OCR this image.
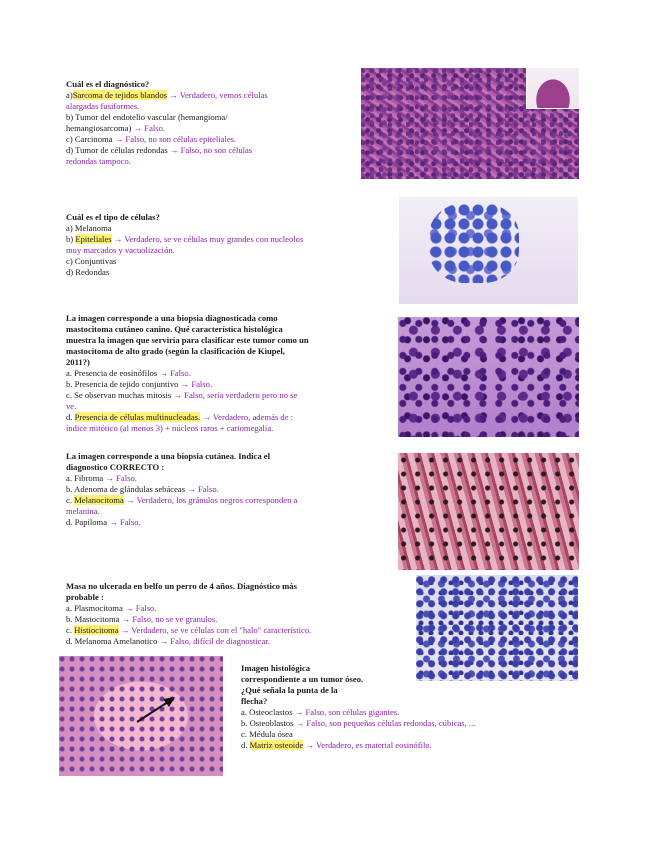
Cuál es el diagnóstico?
a)Sarcoma de tejidos blandos → Verdadero, vemos células
alargadas fusiformes.
b) Tumor del endotelio vascular (hemangioma/
hemangiosarcoma) → Falso.
c) Carcinoma → Falso, no son células epiteliales.
d) Tumor de células redondas → Falso, no son células
redondas tampoco.
Cuál es el tipo de células?
a) Melanoma
b) Epiteliales → Verdadero, se ve células muy grandes con nucleolos
muy marcados y vacuolización.
c) Conjuntivas
d) Redondas
La imagen corresponde a una biopsia diagnosticada como
mastocitoma cutáneo canino. Qué característica histológica
muestra la imagen que serviría para clasificar este tumor como un
mastocitoma de alto grado (según la clasificación de Kiupel,
2011?)
a. Presencia de eosinófilos → Falso.
b. Presencia de tejido conjuntivo → Falso.
c. Se observan muchas mitosis → Falso, sería verdadero pero no se
ve.
d. Presencia de células multinucleadas. → Verdadero, además de :
índice mitótico (al menos 3) + núcleos raros + cariomegalia.
La imagen corresponde a una biopsia cutánea. Indica el
diagnostico CORRECTO :
a. Fibroma → Falso.
b. Adenoma de glándulas sebáceas → Falso.
c. Melanocitoma → Verdadero, los gránulos negros corresponden a
melanina.
d. Papiloma → Falso.
Masa no ulcerada en belfo un perro de 4 años. Diagnóstico más
probable :
a. Plasmocitoma → Falso.
b. Mastocitoma → Falso, no se ve granulos.
c. Histiocitoma → Verdadero, se ve células con el "halo" característico.
d. Melanoma Amelanotico → Falso, difícil de diagnosticar.
Imagen histológica
correspondiente a un tumor óseo.
¿Qué señala la punta de la
flecha?
a. Osteoclastos → Falso, son células gigantes.
b. Osteoblastos → Falso, son pequeñas células redondas, cúbicas, ...
c. Médula ósea
d. Matriz osteoide → Verdadero, es material eosinófilo.
